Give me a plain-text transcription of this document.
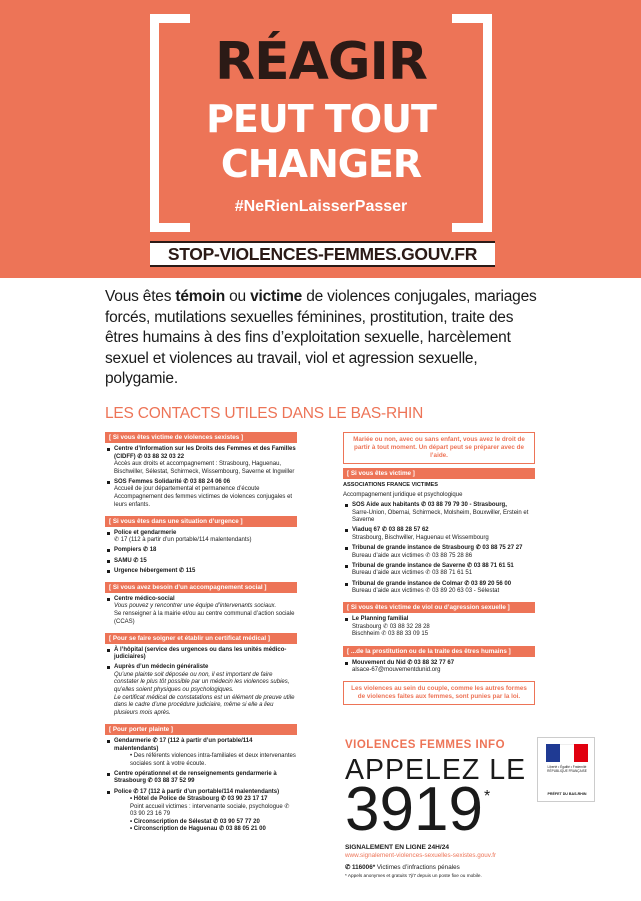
RÉAGIR
PEUT TOUT
CHANGER
#NeRienLaisserPasser
STOP-VIOLENCES-FEMMES.GOUV.FR
Vous êtes témoin ou victime de violences conjugales, mariages forcés, mutilations sexuelles féminines, prostitution, traite des êtres humains à des fins d’exploitation sexuelle, harcèlement sexuel et violences au travail, viol et agression sexuelle, polygamie.
LES CONTACTS UTILES DANS LE BAS-RHIN
[ Si vous êtes victime de violences sexistes ]
Centre d’Information sur les Droits des Femmes et des Familles (CIDFF) ✆ 03 88 32 03 22
Accès aux droits et accompagnement : Strasbourg, Haguenau, Bischwiller, Sélestat, Schirmeck, Wissembourg, Saverne et Ingwiller
SOS Femmes Solidarité ✆ 03 88 24 06 06
Accueil de jour départemental et permanence d’écoute
Accompagnement des femmes victimes de violences conjugales et leurs enfants.
[ Si vous êtes dans une situation d’urgence ]
Police et gendarmerie
✆ 17 (112 à partir d’un portable/114 malentendants)
Pompiers ✆ 18
SAMU ✆ 15
Urgence hébergement ✆ 115
[ Si vous avez besoin d’un accompagnement social ]
Centre médico-social
Vous pouvez y rencontrer une équipe d’intervenants sociaux.
Se renseigner à la mairie et/ou au centre communal d’action sociale (CCAS)
[ Pour se faire soigner et établir un certificat médical ]
À l’hôpital (service des urgences ou dans les unités médico-judiciaires)
Auprès d’un médecin généraliste
Qu’une plainte soit déposée ou non, il est important de faire constater le plus tôt possible par un médecin les violences subies, qu’elles soient physiques ou psychologiques.
Le certificat médical de constatations est un élément de preuve utile dans le cadre d’une procédure judiciaire, même si elle a lieu plusieurs mois après.
[ Pour porter plainte ]
Gendarmerie ✆ 17 (112 à partir d’un portable/114 malentendants)
• Des référents violences intra-familiales et deux intervenantes sociales sont à votre écoute.
Centre opérationnel et de renseignements gendarmerie à Strasbourg ✆ 03 88 37 52 99
Police ✆ 17 (112 à partir d’un portable/114 malentendants)
• Hôtel de Police de Strasbourg ✆ 03 90 23 17 17
Point accueil victimes : intervenante sociale, psychologue ✆ 03 90 23 16 79
• Circonscription de Sélestat ✆ 03 90 57 77 20
• Circonscription de Haguenau ✆ 03 88 05 21 00
Mariée ou non, avec ou sans enfant, vous avez le droit de partir à tout moment. Un départ peut se préparer avec de l’aide.
[ Si vous êtes victime ]
ASSOCIATIONS FRANCE VICTIMES
Accompagnement juridique et psychologique
SOS Aide aux habitants ✆ 03 88 79 79 30 - Strasbourg,
Sarre-Union, Obernai, Schirmeck, Molsheim, Bouxwiller, Erstein et Saverne
Viaduq 67 ✆ 03 88 28 57 62
Strasbourg, Bischwiller, Haguenau et Wissembourg
Tribunal de grande instance de Strasbourg ✆ 03 88 75 27 27
Bureau d’aide aux victimes ✆ 03 88 75 28 86
Tribunal de grande instance de Saverne ✆ 03 88 71 61 51
Bureau d’aide aux victimes ✆ 03 88 71 61 51
Tribunal de grande instance de Colmar ✆ 03 89 20 56 00
Bureau d’aide aux victimes ✆ 03 89 20 63 03 - Sélestat
[ Si vous êtes victime de viol ou d’agression sexuelle ]
Le Planning familial
Strasbourg ✆ 03 88 32 28 28
Bischheim ✆ 03 88 33 09 15
[ ...de la prostitution ou de la traite des êtres humains ]
Mouvement du Nid ✆ 03 88 32 77 67
alsace-67@mouvementdunid.org
Les violences au sein du couple, comme les autres formes de violences faites aux femmes, sont punies par la loi.
VIOLENCES FEMMES INFO
APPELEZ LE
3919 *
SIGNALEMENT EN LIGNE 24H/24
www.signalement-violences-sexuelles-sexistes.gouv.fr
✆ 116006* Victimes d’infractions pénales
* Appels anonymes et gratuits 7j/7 depuis un poste fixe ou mobile.
Liberté • Égalité • Fraternité RÉPUBLIQUE FRANÇAISE
PRÉFET DU BAS-RHIN
